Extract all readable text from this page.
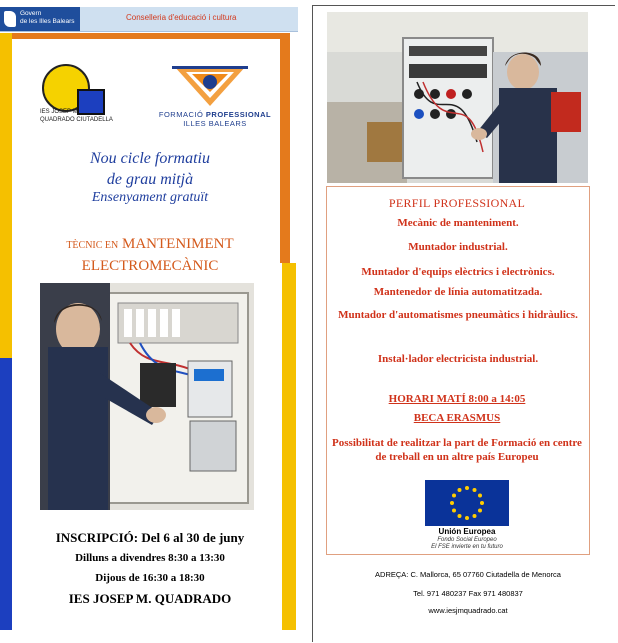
Govern
de les Illes Balears	Conselleria d'educació i cultura
IES JOSEP M.
QUADRADO CIUTADELLA
FORMACIÓ PROFESSIONAL
ILLES BALEARS
Nou cicle formatiu
de grau mitjà
Ensenyament gratuït
TÈCNIC EN MANTENIMENT
ELECTROMECÀNIC
INSCRIPCIÓ: Del 6 al 30 de juny
Dilluns a divendres 8:30 a 13:30
Dijous de 16:30 a 18:30
IES JOSEP M. QUADRADO
PERFIL PROFESSIONAL
Mecànic de manteniment.
Muntador industrial.
Muntador d'equips elèctrics i electrònics.
Mantenedor de línia automatitzada.
Muntador d'automatismes pneumàtics i hidràulics.
Instal·lador electricista industrial.
HORARI MATÍ 8:00 a 14:05
BECA ERASMUS
Possibilitat de realitzar la part de Formació en centre de treball en un altre país Europeu
Unión Europea
Fondo Social Europeo
El FSE invierte en tu futuro
ADREÇA: C. Mallorca, 65 07760 Ciutadella de Menorca
Tel. 971 480237 Fax 971 480837
www.iesjmquadrado.cat
